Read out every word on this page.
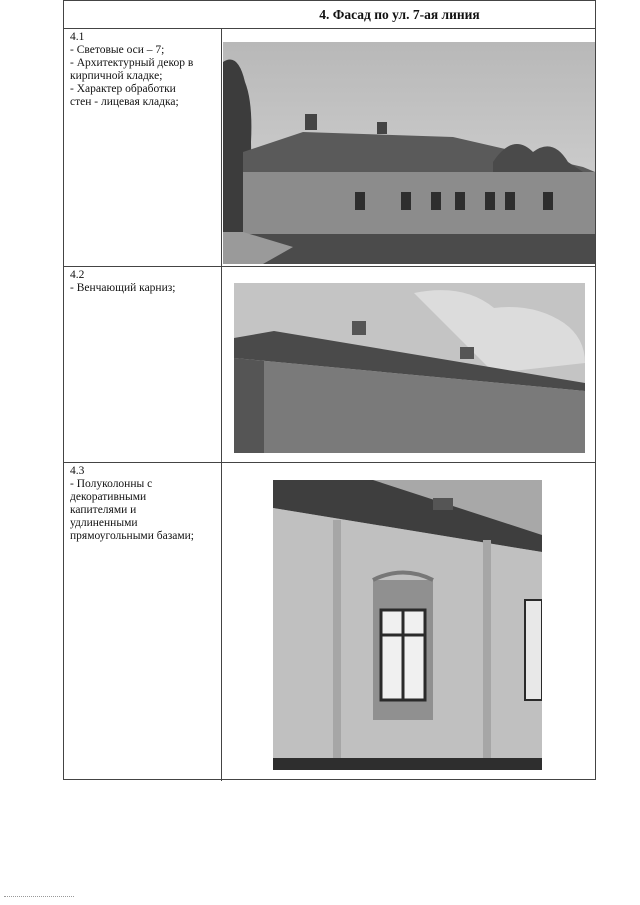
4. Фасад по ул. 7-ая линия
4.1
- Световые оси – 7;
- Архитектурный декор в
кирпичной кладке;
- Характер обработки
стен - лицевая кладка;
4.2
- Венчающий карниз;
4.3
- Полуколонны с
декоративными
капителями и
удлиненными
прямоугольными базами;
